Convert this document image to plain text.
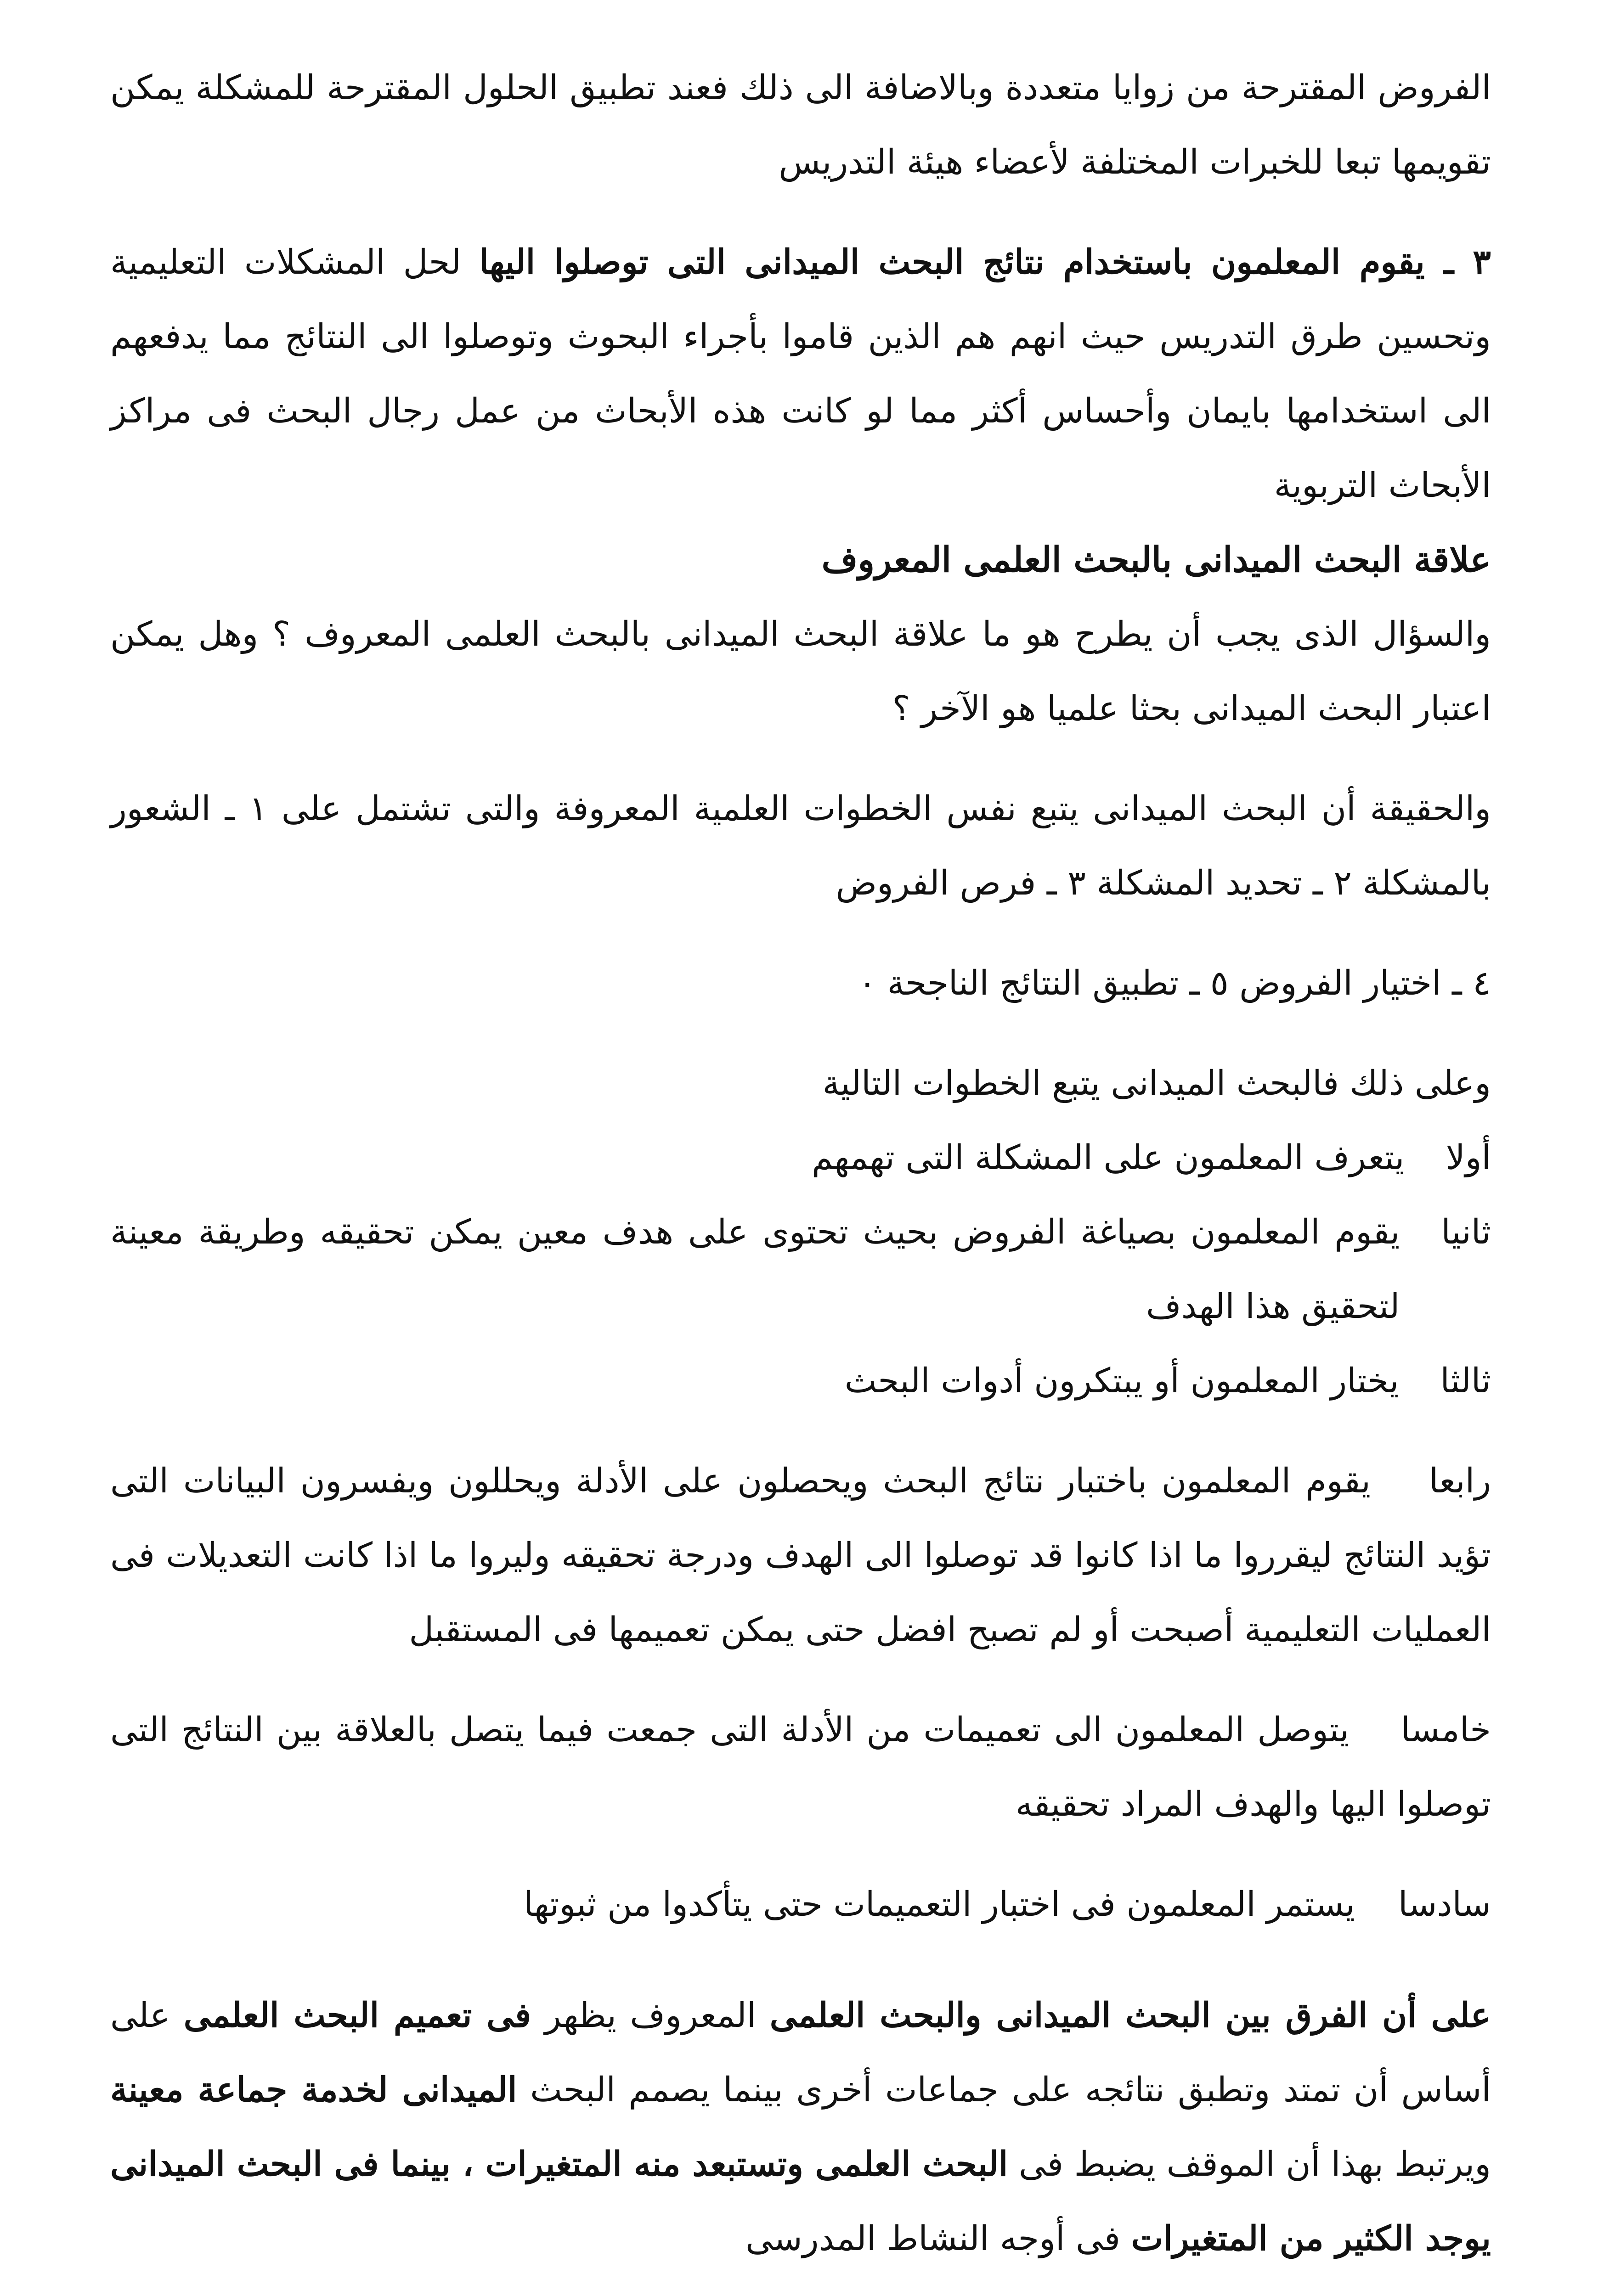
الفروض المقترحة من زوايا متعددة وبالاضافة الى ذلك فعند تطبيق الحلول المقترحة للمشكلة يمكن تقويمها تبعا للخبرات المختلفة لأعضاء هيئة التدريس

٣ ـ يقوم المعلمون باستخدام نتائج البحث الميدانى التى توصلوا اليها لحل المشكلات التعليمية وتحسين طرق التدريس حيث انهم هم الذين قاموا بأجراء البحوث وتوصلوا الى النتائج مما يدفعهم الى استخدامها بايمان وأحساس أكثر مما لو كانت هذه الأبحاث من عمل رجال البحث فى مراكز الأبحاث التربوية

علاقة البحث الميدانى بالبحث العلمى المعروف

والسؤال الذى يجب أن يطرح هو ما علاقة البحث الميدانى بالبحث العلمى المعروف ؟ وهل يمكن اعتبار البحث الميدانى بحثا علميا هو الآخر ؟

والحقيقة أن البحث الميدانى يتبع نفس الخطوات العلمية المعروفة والتى تشتمل على ١ ـ الشعور بالمشكلة ٢ ـ تحديد المشكلة ٣ ـ فرص الفروض

٤ ـ اختيار الفروض ٥ ـ تطبيق النتائج الناجحة ٠

وعلى ذلك فالبحث الميدانى يتبع الخطوات التالية

أولا
يتعرف المعلمون على المشكلة التى تهمهم
ثانيا
يقوم المعلمون بصياغة الفروض بحيث تحتوى على هدف معين يمكن تحقيقه وطريقة معينة لتحقيق هذا الهدف
ثالثا
يختار المعلمون أو يبتكرون أدوات البحث

رابعا    يقوم المعلمون باختبار نتائج البحث ويحصلون على الأدلة ويحللون ويفسرون البيانات التى تؤيد النتائج ليقرروا ما اذا كانوا قد توصلوا الى الهدف ودرجة تحقيقه وليروا ما اذا كانت التعديلات فى العمليات التعليمية أصبحت أو لم تصبح افضل حتى يمكن تعميمها فى المستقبل

خامسا    يتوصل المعلمون الى تعميمات من الأدلة التى جمعت فيما يتصل بالعلاقة بين النتائج التى توصلوا اليها والهدف المراد تحقيقه

سادسا    يستمر المعلمون فى اختبار التعميمات حتى يتأكدوا من ثبوتها

على أن الفرق بين البحث الميدانى والبحث العلمى المعروف يظهر فى تعميم البحث العلمى على أساس أن تمتد وتطبق نتائجه على جماعات أخرى بينما يصمم البحث الميدانى لخدمة جماعة معينة ويرتبط بهذا أن الموقف يضبط فى البحث العلمى وتستبعد منه المتغيرات ، بينما فى البحث الميدانى يوجد الكثير من المتغيرات فى أوجه النشاط المدرسى
